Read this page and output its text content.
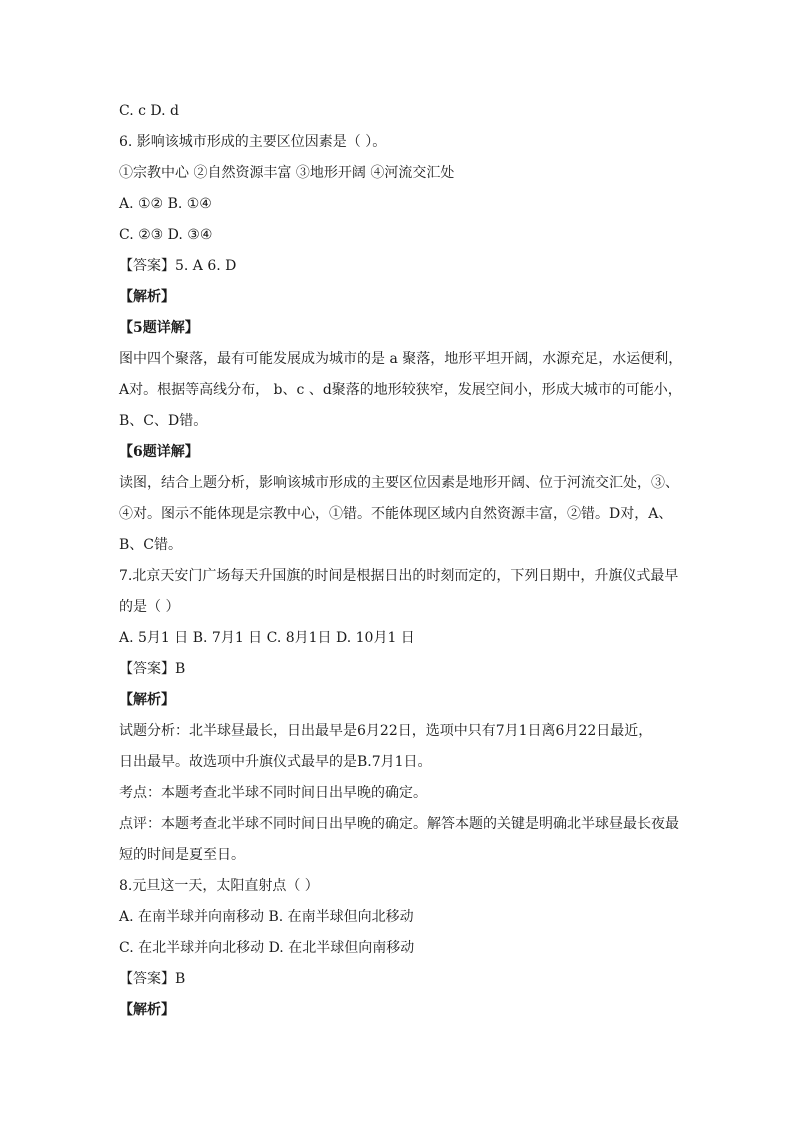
C. c D. d
6. 影响该城市形成的主要区位因素是（ ）。
①宗教中心 ②自然资源丰富 ③地形开阔 ④河流交汇处
A. ①② B. ①④
C. ②③ D. ③④
【答案】5. A 6. D
【解析】
【5题详解】
图中四个聚落，最有可能发展成为城市的是 a 聚落，地形平坦开阔，水源充足，水运便利，
A对。根据等高线分布， b、c 、d聚落的地形较狭窄，发展空间小，形成大城市的可能小，
B、C、D错。
【6题详解】
读图，结合上题分析，影响该城市形成的主要区位因素是地形开阔、位于河流交汇处，③、
④对。图示不能体现是宗教中心，①错。不能体现区域内自然资源丰富，②错。D对，A、
B、C错。
7.北京天安门广场每天升国旗的时间是根据日出的时刻而定的，下列日期中，升旗仪式最早
的是（ ）
A. 5月1 日 B. 7月1 日 C. 8月1日 D. 10月1 日
【答案】B
【解析】
试题分析：北半球昼最长，日出最早是6月22日，选项中只有7月1日离6月22日最近，
日出最早。故选项中升旗仪式最早的是B.7月1日。
考点：本题考查北半球不同时间日出早晚的确定。
点评：本题考查北半球不同时间日出早晚的确定。解答本题的关键是明确北半球昼最长夜最
短的时间是夏至日。
8.元旦这一天，太阳直射点（ ）
A. 在南半球并向南移动 B. 在南半球但向北移动
C. 在北半球并向北移动 D. 在北半球但向南移动
【答案】B
【解析】
